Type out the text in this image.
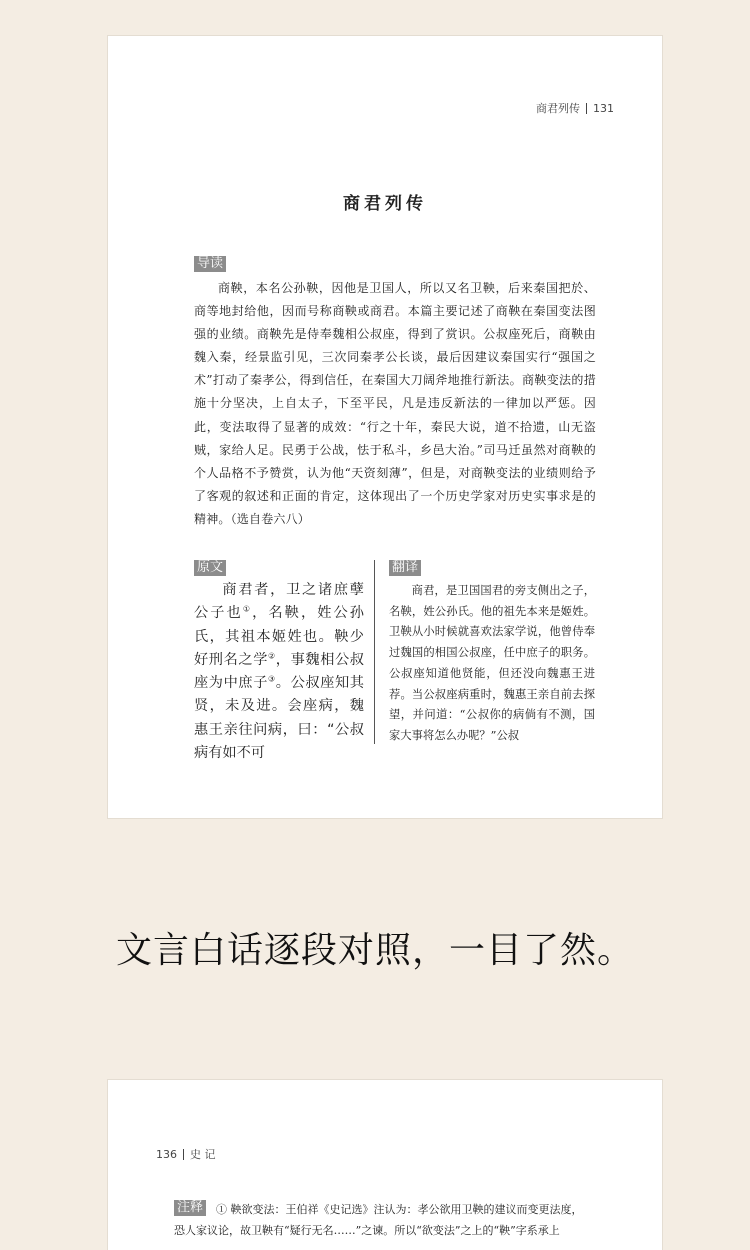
商君列传 131
商君列传
导读

商鞅，本名公孙鞅，因他是卫国人，所以又名卫鞅，后来秦国把於、商等地封给他，因而号称商鞅或商君。本篇主要记述了商鞅在秦国变法图强的业绩。商鞅先是侍奉魏相公叔座，得到了赏识。公叔座死后，商鞅由魏入秦，经景监引见，三次同秦孝公长谈，最后因建议秦国实行“强国之术”打动了秦孝公，得到信任，在秦国大刀阔斧地推行新法。商鞅变法的措施十分坚决，上自太子，下至平民，凡是违反新法的一律加以严惩。因此，变法取得了显著的成效：“行之十年，秦民大说，道不拾遗，山无盗贼，家给人足。民勇于公战，怯于私斗，乡邑大治。”司马迁虽然对商鞅的个人品格不予赞赏，认为他“天资刻薄”，但是，对商鞅变法的业绩则给予了客观的叙述和正面的肯定，这体现出了一个历史学家对历史实事求是的精神。（选自卷六八）

原文	翻译

商君者，卫之诸庶孽公子也①，名鞅，姓公孙氏，其祖本姬姓也。鞅少好刑名之学②，事魏相公叔座为中庶子③。公叔座知其贤，未及进。会座病，魏惠王亲往问病，曰：“公叔病有如不可

商君，是卫国国君的旁支侧出之子，名鞅，姓公孙氏。他的祖先本来是姬姓。卫鞅从小时候就喜欢法家学说，他曾侍奉过魏国的相国公叔座，任中庶子的职务。公叔座知道他贤能，但还没向魏惠王进荐。当公叔座病重时，魏惠王亲自前去探望，并问道：“公叔你的病倘有不测，国家大事将怎么办呢？”公叔

文言白话逐段对照，一目了然。
136 史 记
注释 ① 鞅欲变法：王伯祥《史记选》注认为：孝公欲用卫鞅的建议而变更法度，

恐人家议论，故卫鞅有“疑行无名……”之谏。所以“欲变法”之上的“鞅”字系承上
